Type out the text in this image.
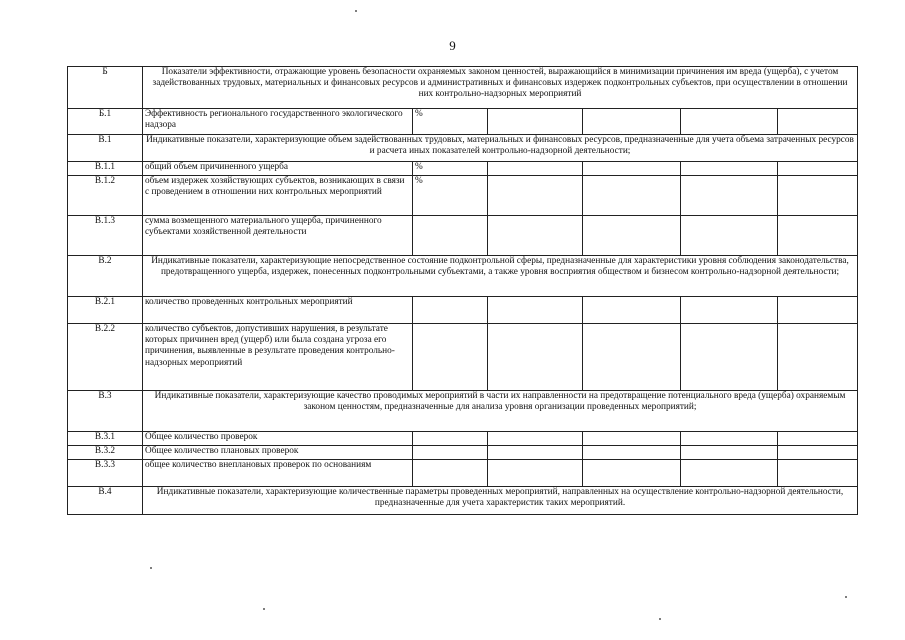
9
Б	Показатели эффективности, отражающие уровень безопасности охраняемых законом ценностей, выражающийся в минимизации причинения им вреда (ущерба), с учетом задействованных трудовых, материальных и финансовых ресурсов и административных и финансовых издержек подконтрольных субъектов, при осуществлении в отношении них контрольно-надзорных мероприятий					
Б.1	Эффективность регионального государственного экологического надзора	%				
В.1	Индикативные показатели, характеризующие объем задействованных трудовых, материальных и финансовых ресурсов, предназначенные для учета объема затраченных ресурсов и расчета иных показателей контрольно-надзорной деятельности;					
В.1.1	общий объем причиненного ущерба	%				
В.1.2	объем издержек хозяйствующих субъектов, возникающих в связи с проведением в отношении них контрольных мероприятий	%				
В.1.3	сумма возмещенного материального ущерба, причиненного субъектами хозяйственной деятельности					
В.2	Индикативные показатели, характеризующие непосредственное состояние подконтрольной сферы, предназначенные для характеристики уровня соблюдения законодательства, предотвращенного ущерба, издержек, понесенных подконтрольными субъектами, а также уровня восприятия обществом и бизнесом контрольно-надзорной деятельности;					
В.2.1	количество проведенных контрольных мероприятий					
В.2.2	количество субъектов, допустивших нарушения, в результате которых причинен вред (ущерб) или была создана угроза его причинения, выявленные в результате проведения контрольно-надзорных мероприятий					
В.3	Индикативные показатели, характеризующие качество проводимых мероприятий в части их направленности на предотвращение потенциального вреда (ущерба) охраняемым законом ценностям, предназначенные для анализа уровня организации проведенных мероприятий;					
В.3.1	Общее количество проверок					
В.3.2	Общее количество плановых проверок					
В.3.3	общее количество внеплановых проверок по основаниям					
В.4	Индикативные показатели, характеризующие количественные параметры проведенных мероприятий, направленных на осуществление контрольно-надзорной деятельности, предназначенные для учета характеристик таких мероприятий.					
